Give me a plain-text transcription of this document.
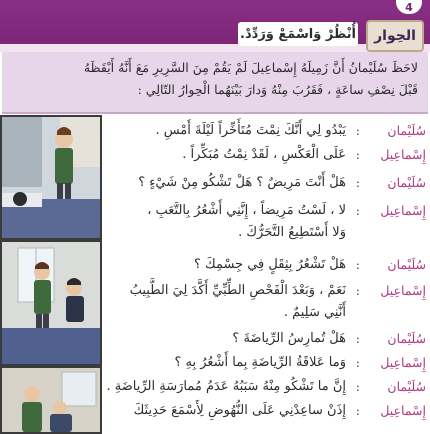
4
الحِوار
أُنْظُرْ وَاسْمَعْ وَرَدِّدْ.

لاحَظَ سُلَيْمانُ أَنَّ زَمِيلَهُ إِسْماعِيلَ لَمْ يَقُمْ مِنَ السَّرِيرِ مَعَ أَنَّهُ أَيْقَظَهُ

قَبْلَ نِصْفِ ساعَةٍ ، فَقَرُبَ مِنْهُ وَدارَ بَيْنَهُما الْحِوارُ التّالِي :

سُلَيْمان
:
يَبْدُو لِي أَنَّكَ نِمْتَ مُتَأَخِّراً لَيْلَةَ أَمْسِ .
إِسْماعِيل
:
عَلَى الْعَكْسِ ، لَقَدْ نِمْتُ مُبَكِّراً .
سُلَيْمان
:
هَلْ أَنْتَ مَرِيضٌ ؟ هَلْ تَشْكُو مِنْ شَيْءٍ ؟
إِسْماعِيل
:
لا ، لَسْتُ مَرِيضاً ، إِنَّنِي أَشْعُرُ بِالتَّعَبِ ،
وَلا أَسْتَطِيعُ التَّحَرُّكَ .
سُلَيْمان
:
هَلْ تَشْعُرُ بِثِقَلٍ فِي جِسْمِكَ ؟
إِسْماعِيل
:
نَعَمْ ، وَبَعْدَ الْفَحْصِ الطِّبِّيِّ أَكَّدَ لِيَ الطَّبِيبُ
أَنَّنِي سَلِيمٌ .
سُلَيْمان
:
هَلْ تُمارِسُ الرِّياضَةَ ؟
إِسْماعِيل
:
وَما عَلاقَةُ الرِّياضَةِ بِما أَشْعُرُ بِهِ ؟
سُلَيْمان
:
إِنَّ ما تَشْكُو مِنْهُ سَبَبُهُ عَدَمُ مُمارَسَةِ الرِّياضَةِ .
إِسْماعِيل
:
إِذَنْ ساعِدْنِي عَلَى النُّهُوضِ لِأَسْمَعَ حَدِيثَكَ
